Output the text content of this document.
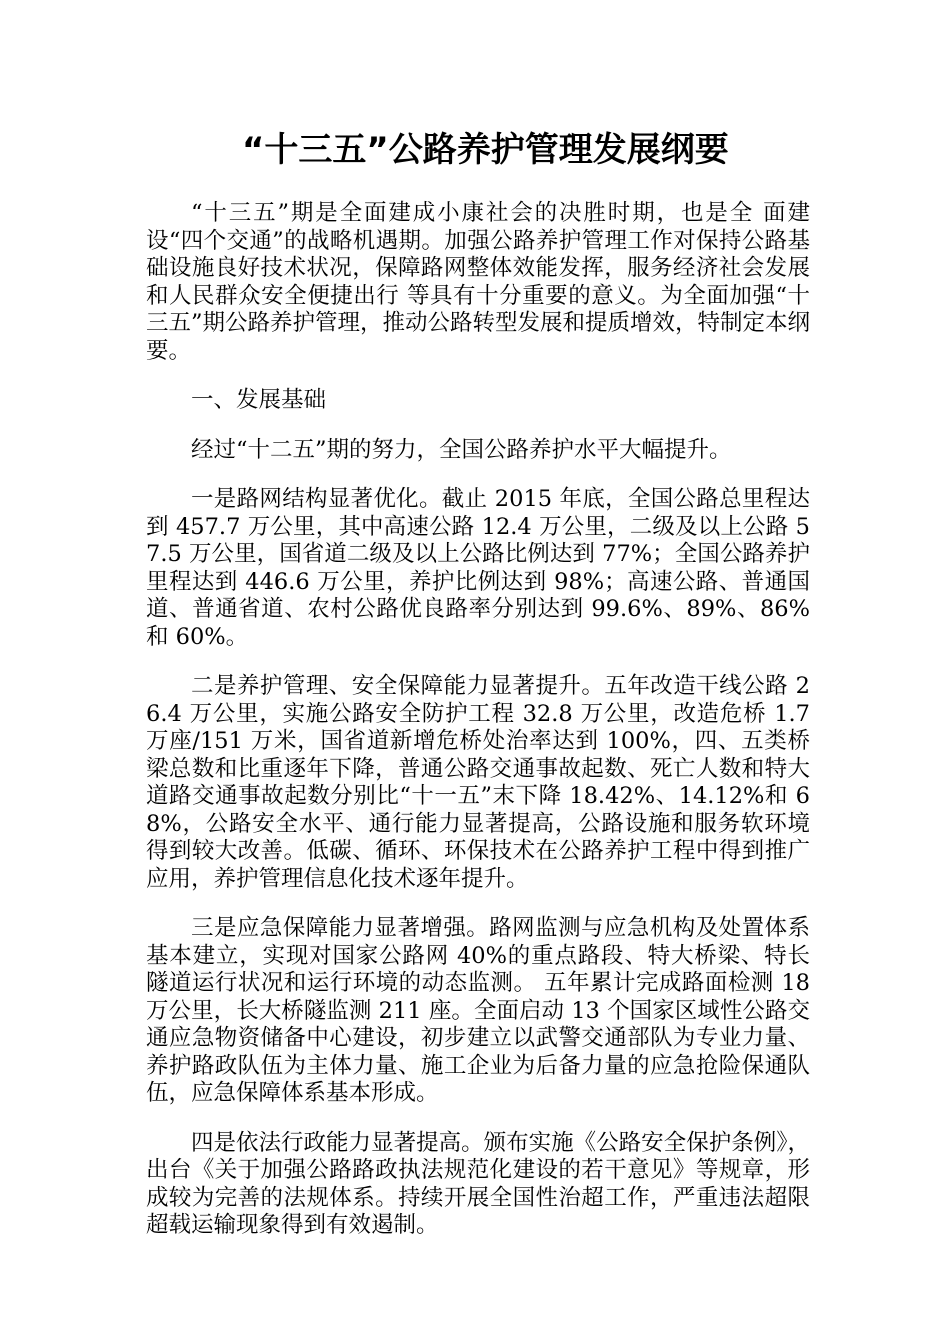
“十三五”公路养护管理发展纲要

“十三五”期是全面建成小康社会的决胜时期，也是全 面建设“四个交通”的战略机遇期。加强公路养护管理工作对保持公路基础设施良好技术状况，保障路网整体效能发挥，服务经济社会发展和人民群众安全便捷出行 等具有十分重要的意义。为全面加强“十三五”期公路养护管理，推动公路转型发展和提质增效，特制定本纲要。

一、发展基础

经过“十二五”期的努力，全国公路养护水平大幅提升。

一是路网结构显著优化。截止 2015 年底，全国公路总里程达到 457.7 万公里，其中高速公路 12.4 万公里，二级及以上公路 57.5 万公里，国省道二级及以上公路比例达到 77%；全国公路养护里程达到 446.6 万公里，养护比例达到 98%；高速公路、普通国道、普通省道、农村公路优良路率分别达到 99.6%、89%、86%和 60%。

二是养护管理、安全保障能力显著提升。五年改造干线公路 26.4 万公里，实施公路安全防护工程 32.8 万公里，改造危桥 1.7 万座/151 万米，国省道新增危桥处治率达到 100%，四、五类桥梁总数和比重逐年下降，普通公路交通事故起数、死亡人数和特大道路交通事故起数分别比“十一五”末下降 18.42%、14.12%和 68%，公路安全水平、通行能力显著提高，公路设施和服务软环境得到较大改善。低碳、循环、环保技术在公路养护工程中得到推广应用，养护管理信息化技术逐年提升。

三是应急保障能力显著增强。路网监测与应急机构及处置体系基本建立，实现对国家公路网 40%的重点路段、特大桥梁、特长隧道运行状况和运行环境的动态监测。 五年累计完成路面检测 18 万公里，长大桥隧监测 211 座。全面启动 13 个国家区域性公路交通应急物资储备中心建设，初步建立以武警交通部队为专业力量、养护路政队伍为主体力量、施工企业为后备力量的应急抢险保通队伍，应急保障体系基本形成。

四是依法行政能力显著提高。颁布实施《公路安全保护条例》，出台《关于加强公路路政执法规范化建设的若干意见》等规章，形成较为完善的法规体系。持续开展全国性治超工作，严重违法超限超载运输现象得到有效遏制。
